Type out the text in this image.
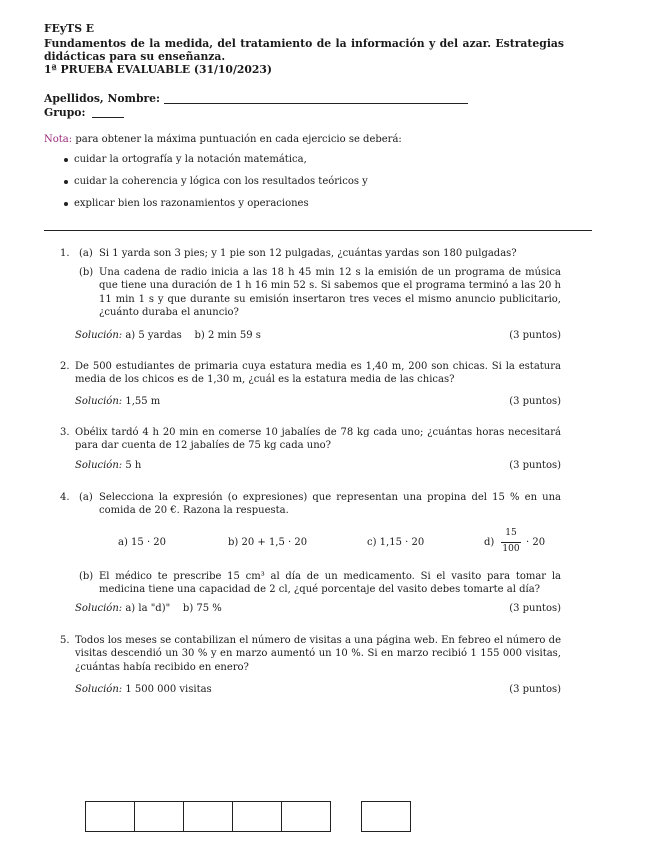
FEyTS E
Fundamentos de la medida, del tratamiento de la información y del azar. Estrategias
didácticas para su enseñanza.
1ª PRUEBA EVALUABLE (31/10/2023)
Apellidos, Nombre:
Grupo:
Nota: para obtener la máxima puntuación en cada ejercicio se deberá:
cuidar la ortografía y la notación matemática,
cuidar la coherencia y lógica con los resultados teóricos y
explicar bien los razonamientos y operaciones
1. (a) Si 1 yarda son 3 pies; y 1 pie son 12 pulgadas, ¿cuántas yardas son 180 pulgadas?
(b) Una cadena de radio inicia a las 18 h 45 min 12 s la emisión de un programa de música que tiene una duración de 1 h 16 min 52 s. Si sabemos que el programa terminó a las 20 h 11 min 1 s y que durante su emisión insertaron tres veces el mismo anuncio publicitario, ¿cuánto duraba el anuncio?
Solución: a) 5 yardas    b) 2 min 59 s	(3 puntos)
2. De 500 estudiantes de primaria cuya estatura media es 1,40 m, 200 son chicas. Si la estatura media de los chicos es de 1,30 m, ¿cuál es la estatura media de las chicas?
Solución: 1,55 m	(3 puntos)
3. Obélix tardó 4 h 20 min en comerse 10 jabalíes de 78 kg cada uno; ¿cuántas horas necesitará para dar cuenta de 12 jabalíes de 75 kg cada uno?
Solución: 5 h	(3 puntos)
4. (a) Selecciona la expresión (o expresiones) que representan una propina del 15 % en una comida de 20 €. Razona la respuesta.
a) 15 · 20	b) 20 + 1,5 · 20	c) 1,15 · 20	d)
15
100
· 20
(b) El médico te prescribe 15 cm³ al día de un medicamento. Si el vasito para tomar la medicina tiene una capacidad de 2 cl, ¿qué porcentaje del vasito debes tomarte al día?
Solución: a) la "d)"    b) 75 %	(3 puntos)
5. Todos los meses se contabilizan el número de visitas a una página web. En febreo el número de visitas descendió un 30 % y en marzo aumentó un 10 %. Si en marzo recibió 1 155 000 visitas, ¿cuántas había recibido en enero?
Solución: 1 500 000 visitas	(3 puntos)
